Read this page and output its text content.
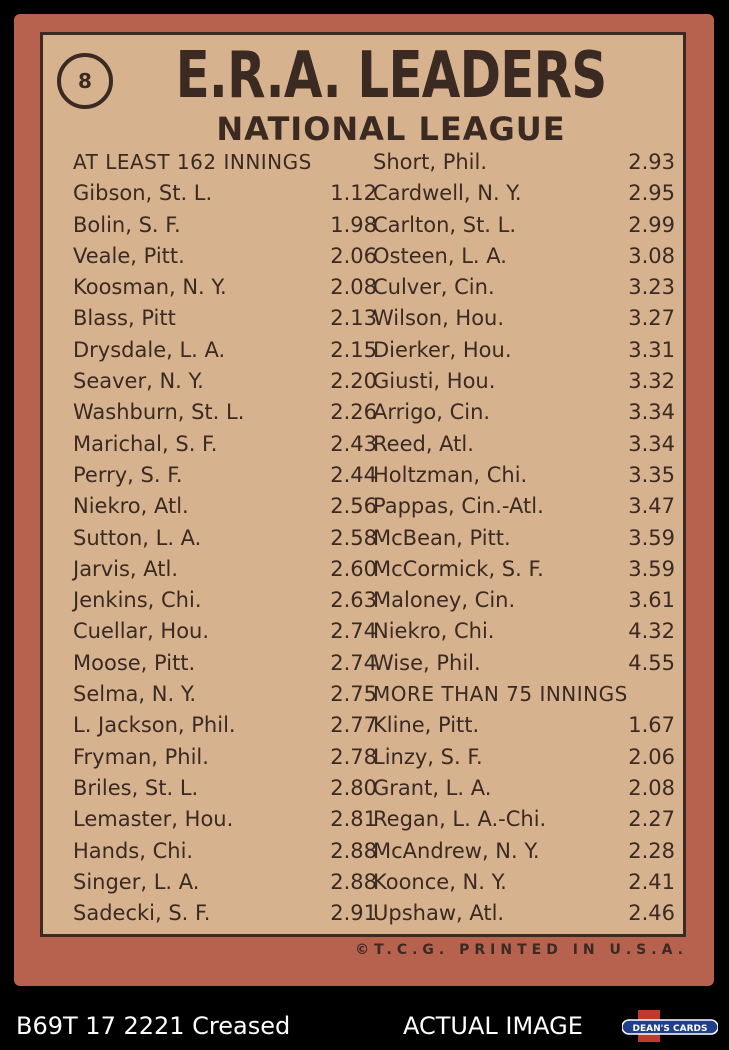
8	E.R.A. LEADERS
NATIONAL LEAGUE
AT LEAST 162 INNINGS
Gibson, St. L.	1.12
Bolin, S. F.	1.98
Veale, Pitt.	2.06
Koosman, N. Y.	2.08
Blass, Pitt	2.13
Drysdale, L. A.	2.15
Seaver, N. Y.	2.20
Washburn, St. L.	2.26
Marichal, S. F.	2.43
Perry, S. F.	2.44
Niekro, Atl.	2.56
Sutton, L. A.	2.58
Jarvis, Atl.	2.60
Jenkins, Chi.	2.63
Cuellar, Hou.	2.74
Moose, Pitt.	2.74
Selma, N. Y.	2.75
L. Jackson, Phil.	2.77
Fryman, Phil.	2.78
Briles, St. L.	2.80
Lemaster, Hou.	2.81
Hands, Chi.	2.88
Singer, L. A.	2.88
Sadecki, S. F.	2.91
Short, Phil.	2.93
Cardwell, N. Y.	2.95
Carlton, St. L.	2.99
Osteen, L. A.	3.08
Culver, Cin.	3.23
Wilson, Hou.	3.27
Dierker, Hou.	3.31
Giusti, Hou.	3.32
Arrigo, Cin.	3.34
Reed, Atl.	3.34
Holtzman, Chi.	3.35
Pappas, Cin.-Atl.	3.47
McBean, Pitt.	3.59
McCormick, S. F.	3.59
Maloney, Cin.	3.61
Niekro, Chi.	4.32
Wise, Phil.	4.55
MORE THAN 75 INNINGS
Kline, Pitt.	1.67
Linzy, S. F.	2.06
Grant, L. A.	2.08
Regan, L. A.-Chi.	2.27
McAndrew, N. Y.	2.28
Koonce, N. Y.	2.41
Upshaw, Atl.	2.46
©T.C.G. PRINTED IN U.S.A.
B69T 17 2221 Creased	ACTUAL IMAGE	DEAN'S CARDS
